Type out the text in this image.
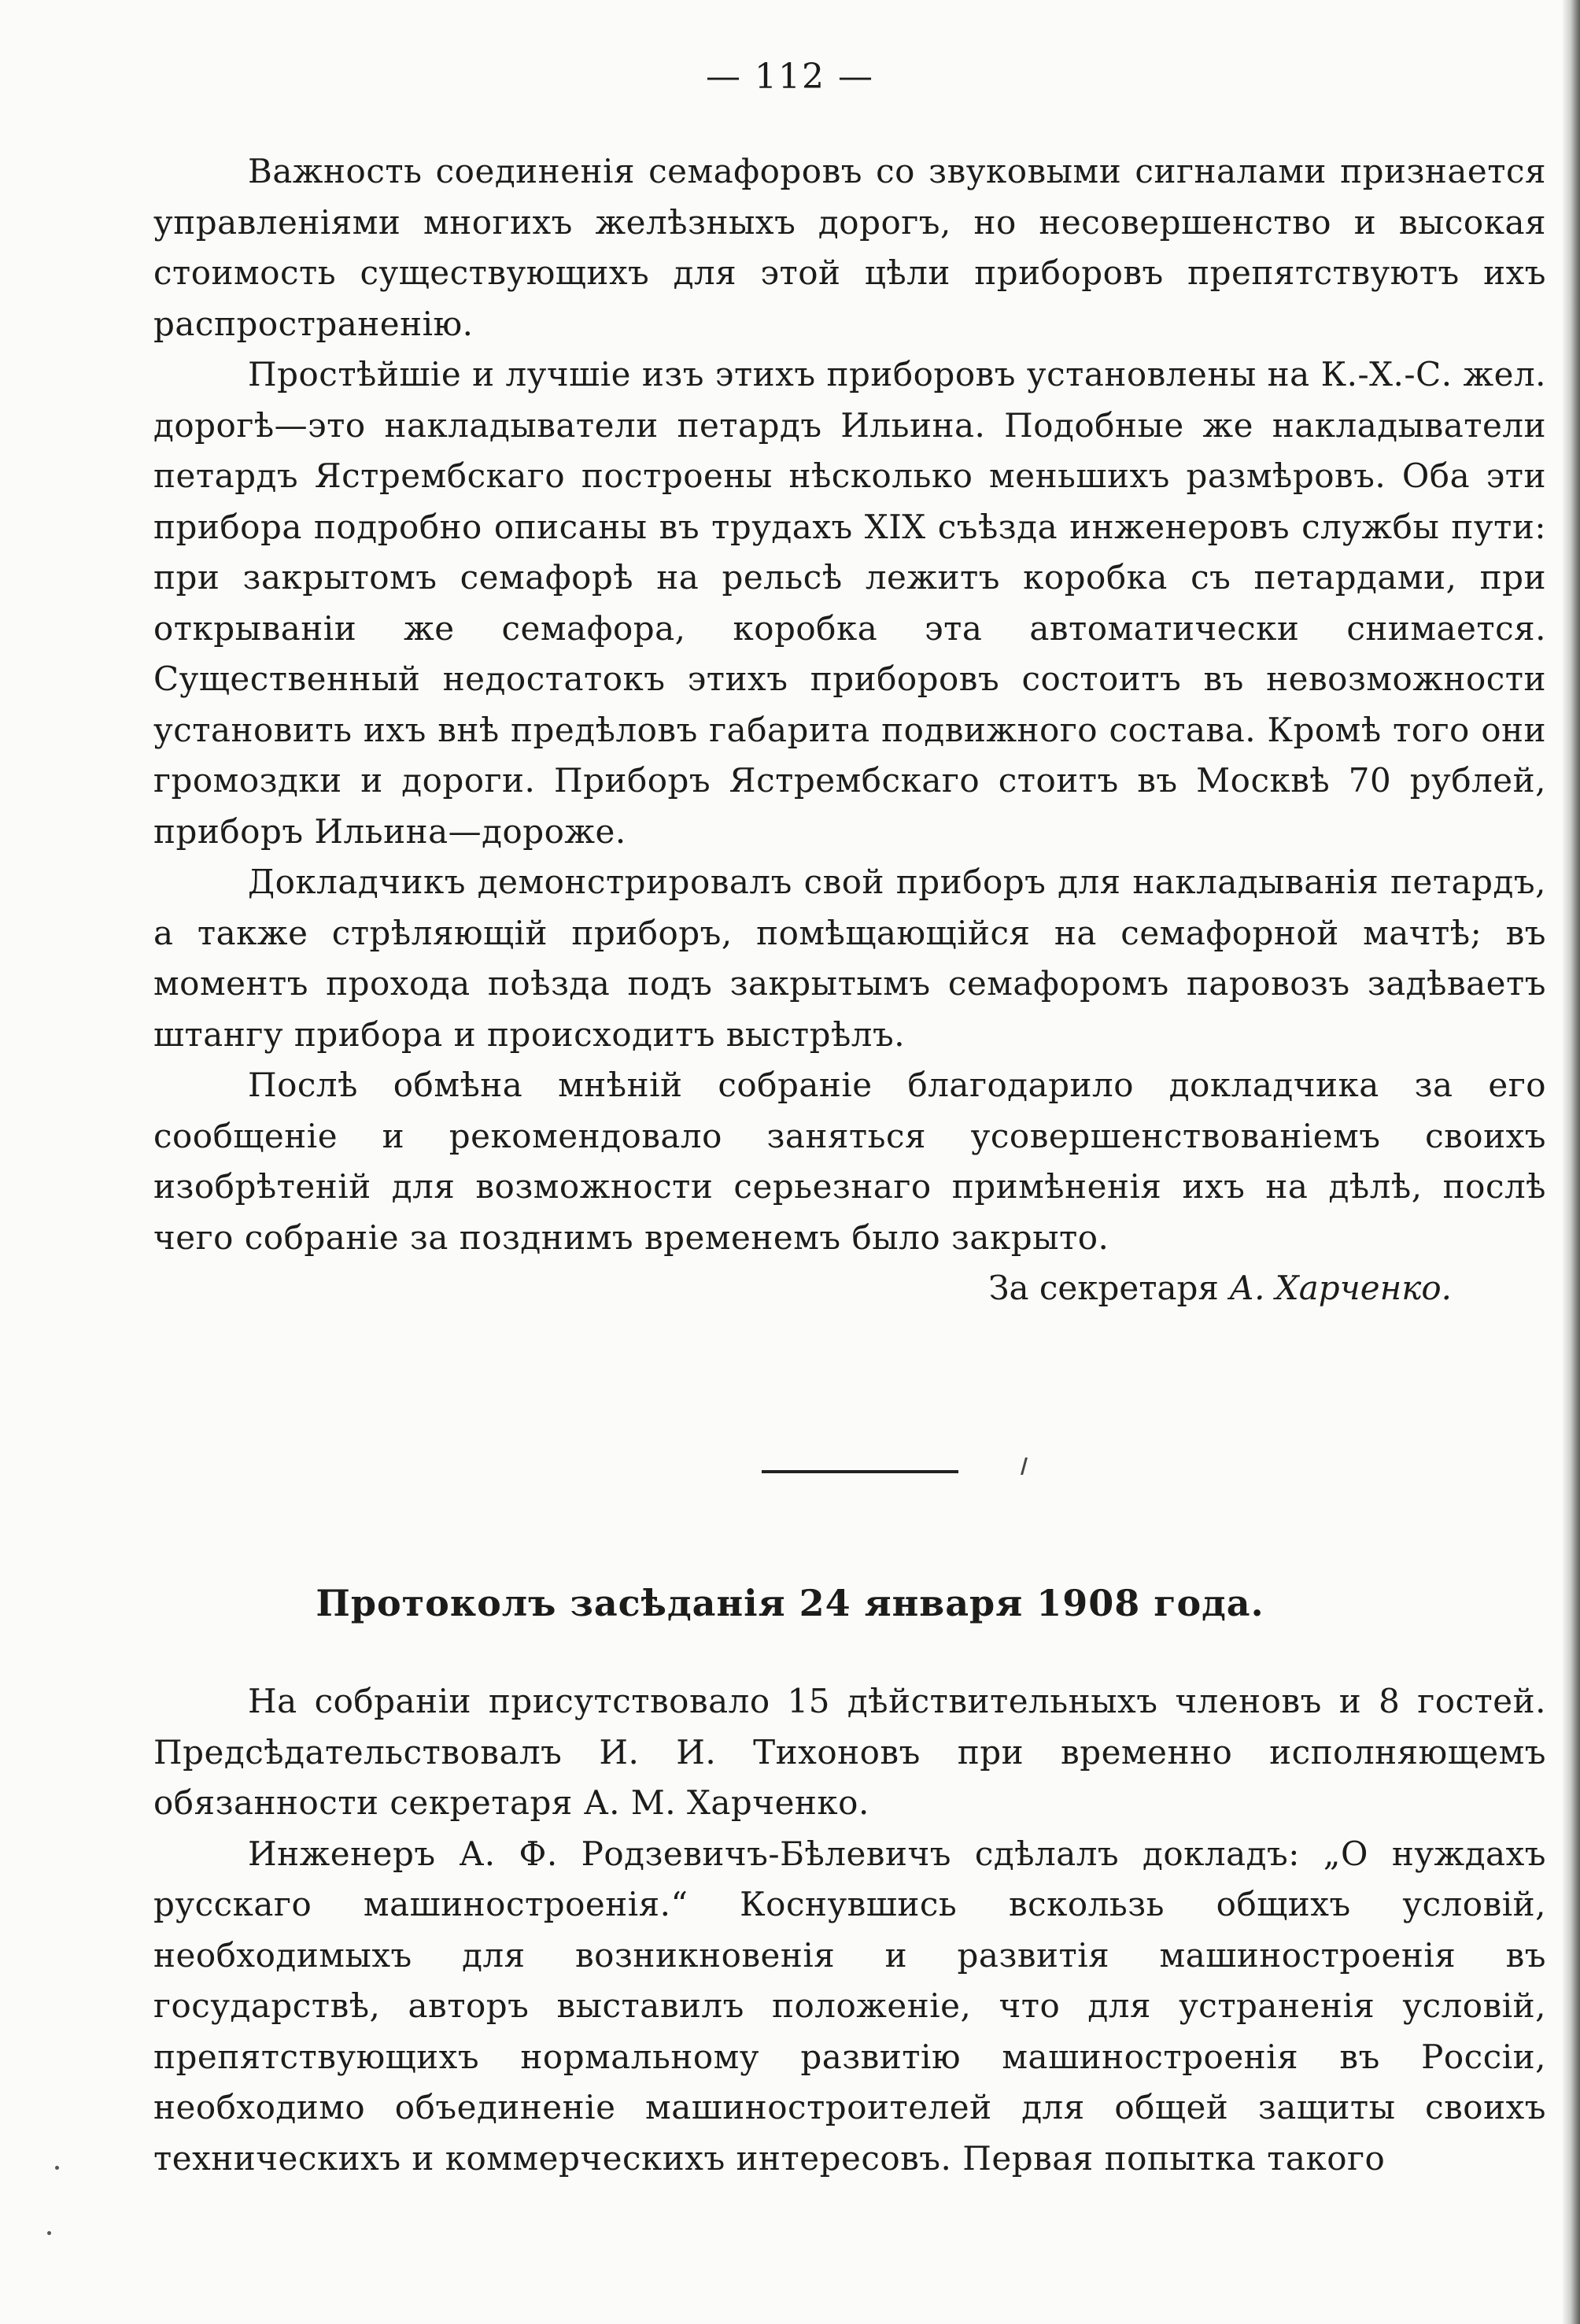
— 112 —

Важность соединенія семафоровъ со звуковыми сигналами признается управленіями многихъ желѣзныхъ дорогъ, но несовершенство и высокая стоимость существующихъ для этой цѣли приборовъ препятствуютъ ихъ распространенію.

Простѣйшіе и лучшіе изъ этихъ приборовъ установлены на К.-Х.-С. жел. дорогѣ—это накладыватели петардъ Ильина. Подобные же накладыватели петардъ Ястрембскаго построены нѣсколько меньшихъ размѣровъ. Оба эти прибора подробно описаны въ трудахъ XIX съѣзда инженеровъ службы пути: при закрытомъ семафорѣ на рельсѣ лежитъ коробка съ петардами, при открываніи же семафора, коробка эта автоматически снимается. Существенный недостатокъ этихъ приборовъ состоитъ въ невозможности установить ихъ внѣ предѣловъ габарита подвижного состава. Кромѣ того они громоздки и дороги. Приборъ Ястрембскаго стоитъ въ Москвѣ 70 рублей, приборъ Ильина—дороже.

Докладчикъ демонстрировалъ свой приборъ для накладыванія петардъ, а также стрѣляющій приборъ, помѣщающійся на семафорной мачтѣ; въ моментъ прохода поѣзда подъ закрытымъ семафоромъ паровозъ задѣваетъ штангу прибора и происходитъ выстрѣлъ.

Послѣ обмѣна мнѣній собраніе благодарило докладчика за его сообщеніе и рекомендовало заняться усовершенствованіемъ своихъ изобрѣтеній для возможности серьезнаго примѣненія ихъ на дѣлѣ, послѣ чего собраніе за позднимъ временемъ было закрыто.

За секретаря А. Харченко.

Протоколъ засѣданія 24 января 1908 года.

На собраніи присутствовало 15 дѣйствительныхъ членовъ и 8 гостей. Предсѣдательствовалъ И. И. Тихоновъ при временно исполняющемъ обязанности секретаря А. М. Харченко.

Инженеръ А. Ф. Родзевичъ-Бѣлевичъ сдѣлалъ докладъ: „О нуждахъ русскаго машиностроенія.“ Коснувшись вскользь общихъ условій, необходимыхъ для возникновенія и развитія машиностроенія въ государствѣ, авторъ выставилъ положеніе, что для устраненія условій, препятствующихъ нормальному развитію машиностроенія въ Россіи, необходимо объединеніе машиностроителей для общей защиты своихъ техническихъ и коммерческихъ интересовъ. Первая попытка такого
